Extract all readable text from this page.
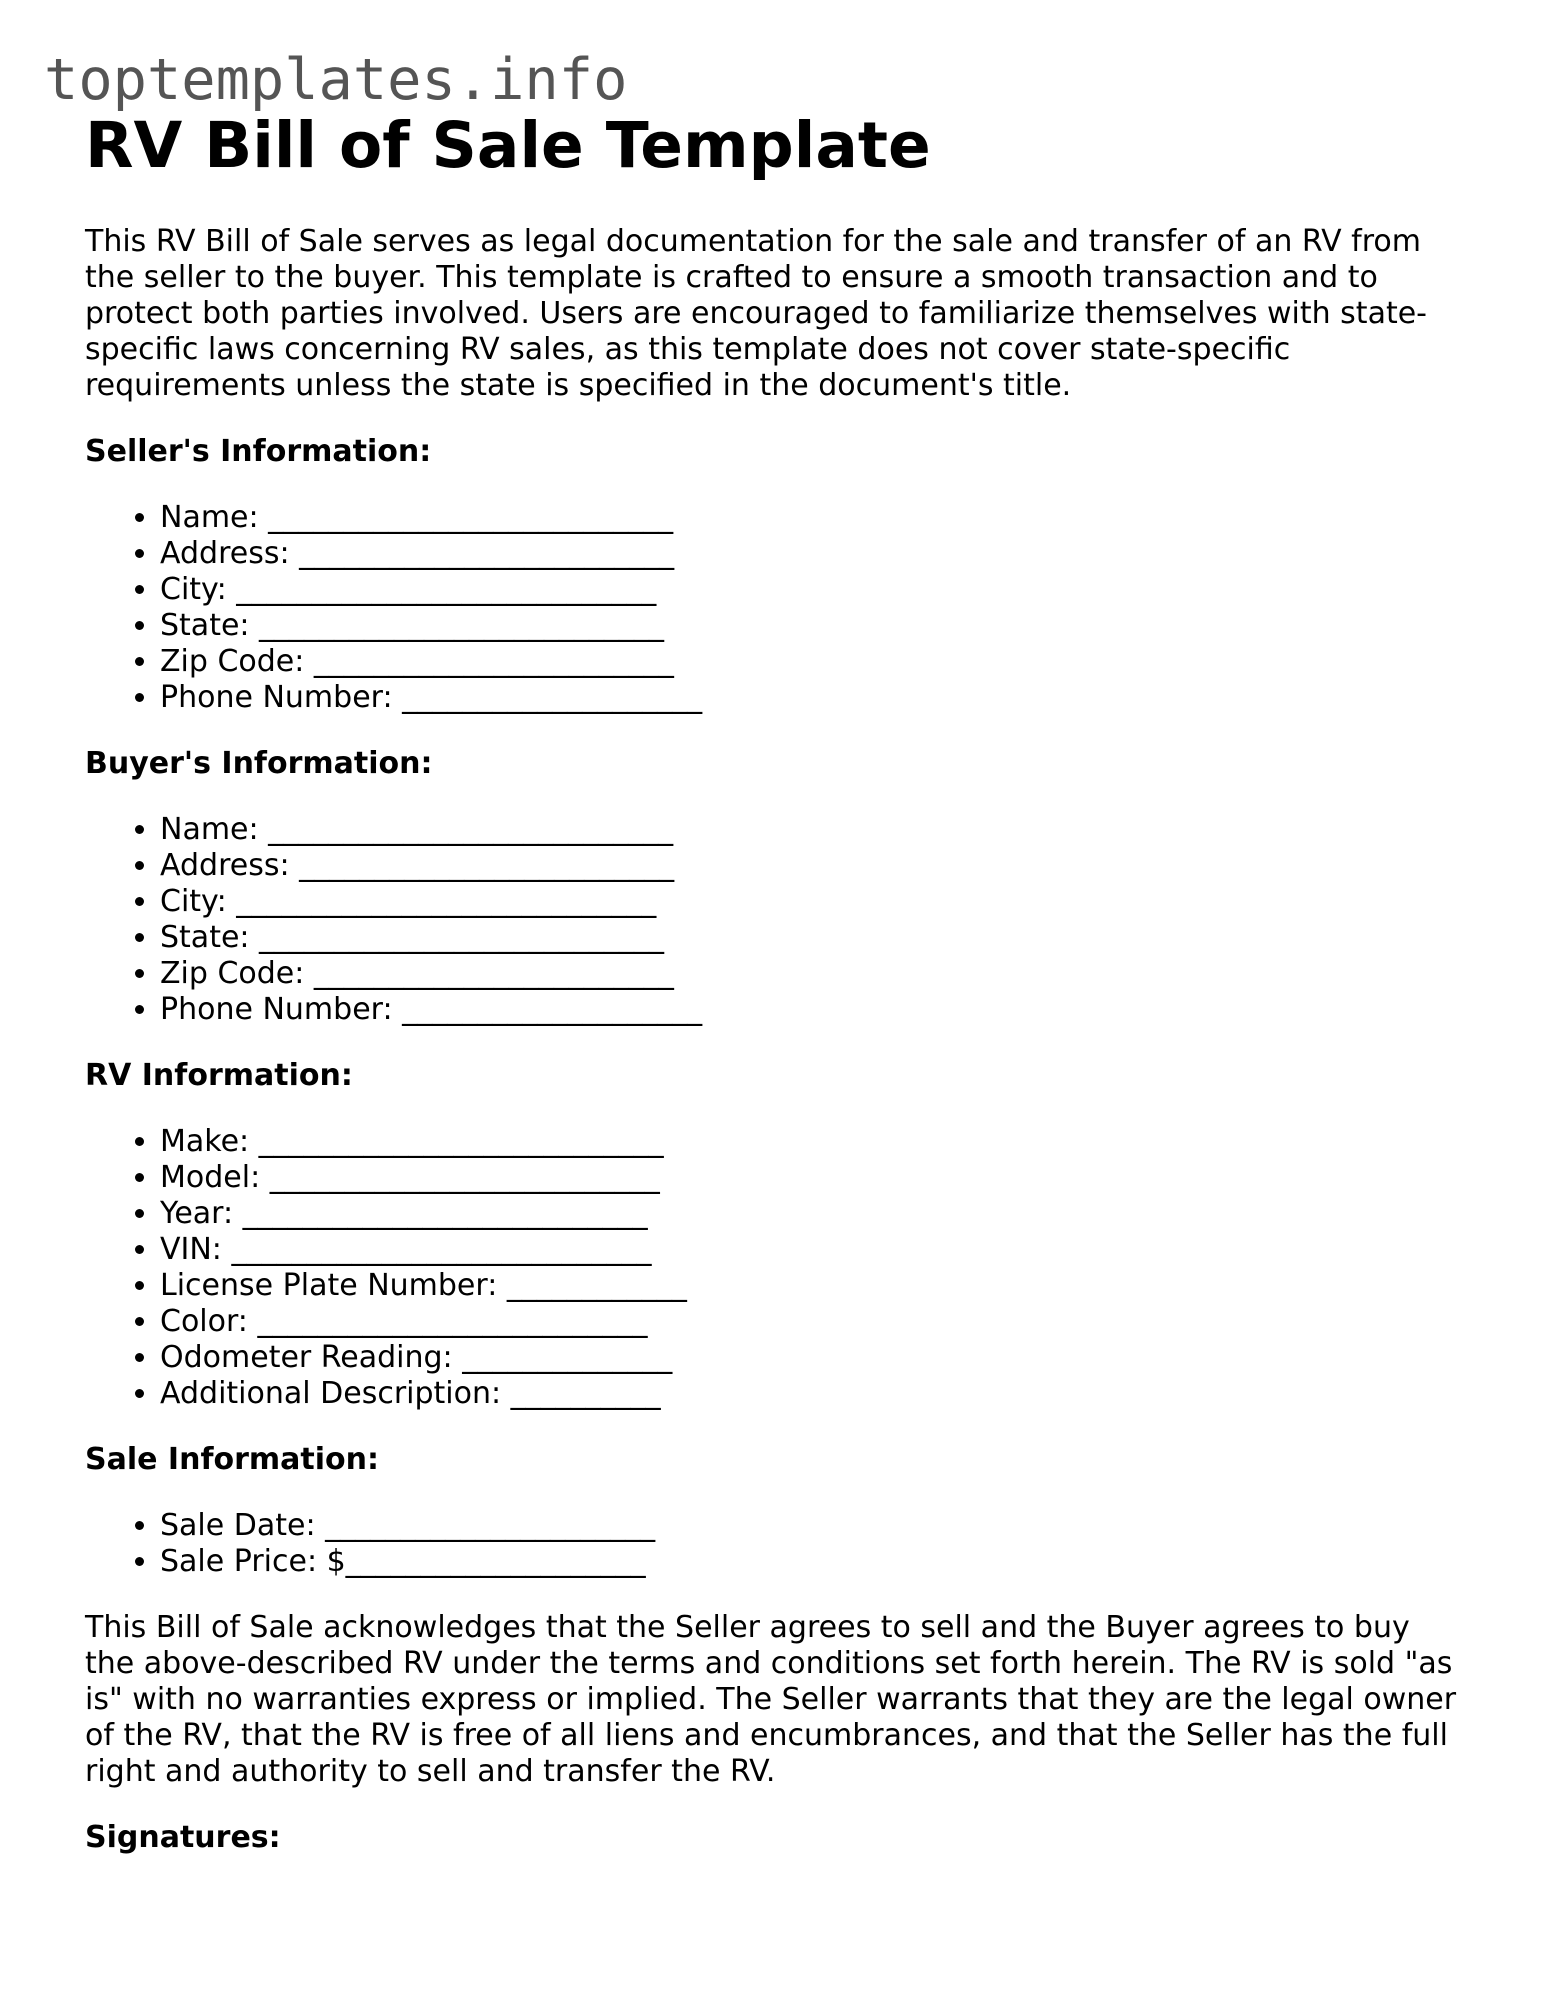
toptemplates.info

RV Bill of Sale Template

This RV Bill of Sale serves as legal documentation for the sale and transfer of an RV from the seller to the buyer. This template is crafted to ensure a smooth transaction and to protect both parties involved. Users are encouraged to familiarize themselves with state-specific laws concerning RV sales, as this template does not cover state-specific requirements unless the state is specified in the document's title.

Seller's Information:

• Name: ___________________________
• Address: _________________________
• City: ____________________________
• State: ___________________________
• Zip Code: ________________________
• Phone Number: ____________________

Buyer's Information:

• Name: ___________________________
• Address: _________________________
• City: ____________________________
• State: ___________________________
• Zip Code: ________________________
• Phone Number: ____________________

RV Information:

• Make: ___________________________
• Model: __________________________
• Year: ___________________________
• VIN: ____________________________
• License Plate Number: ____________
• Color: __________________________
• Odometer Reading: ______________
• Additional Description: __________

Sale Information:

• Sale Date: ______________________
• Sale Price: $____________________

This Bill of Sale acknowledges that the Seller agrees to sell and the Buyer agrees to buy the above-described RV under the terms and conditions set forth herein. The RV is sold "as is" with no warranties express or implied. The Seller warrants that they are the legal owner of the RV, that the RV is free of all liens and encumbrances, and that the Seller has the full right and authority to sell and transfer the RV.

Signatures:
